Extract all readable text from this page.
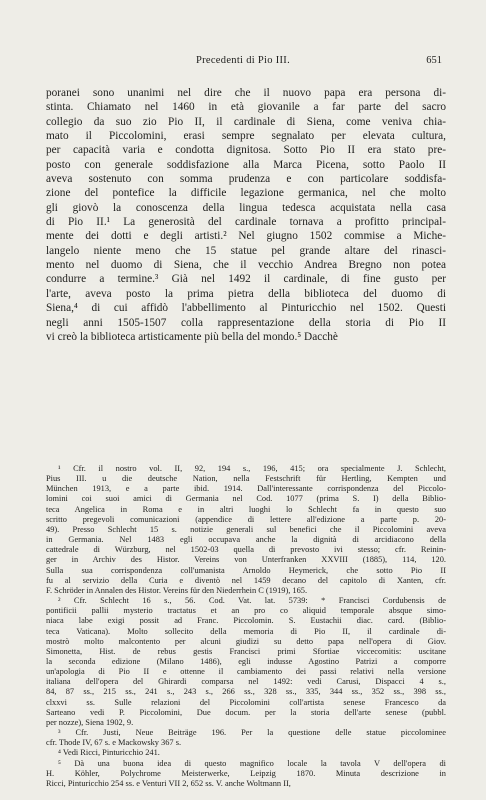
Precedenti di Pio III.	651
poranei sono unanimi nel dire che il nuovo papa era persona di-
stinta. Chiamato nel 1460 in età giovanile a far parte del sacro
collegio da suo zio Pio II, il cardinale di Siena, come veniva chia-
mato il Piccolomini, erasi sempre segnalato per elevata cultura,
per capacità varia e condotta dignitosa. Sotto Pio II era stato pre-
posto con generale soddisfazione alla Marca Picena, sotto Paolo II
aveva sostenuto con somma prudenza e con particolare soddisfa-
zione del pontefice la difficile legazione germanica, nel che molto
gli giovò la conoscenza della lingua tedesca acquistata nella casa
di Pio II.¹ La generosità del cardinale tornava a profitto principal-
mente dei dotti e degli artisti.² Nel giugno 1502 commise a Miche-
langelo niente meno che 15 statue pel grande altare del rinasci-
mento nel duomo di Siena, che il vecchio Andrea Bregno non potea
condurre a termine.³ Già nel 1492 il cardinale, di fine gusto per
l'arte, aveva posto la prima pietra della biblioteca del duomo di
Siena,⁴ di cui affidò l'abbellimento al Pinturicchio nel 1502. Questi
negli anni 1505-1507 colla rappresentazione della storia di Pio II
vi creò la biblioteca artisticamente più bella del mondo.⁵ Dacchè
¹ Cfr. il nostro vol. II, 92, 194 s., 196, 415; ora specialmente J. Schlecht,
Pius III. u die deutsche Nation, nella Festschrift für Hertling, Kempten und
München 1913, e a parte ibid. 1914. Dall'interessante corrispondenza del Piccolo-
lomini coi suoi amici di Germania nel Cod. 1077 (prima S. I) della Biblio-
teca Angelica in Roma e in altri luoghi lo Schlecht fa in questo suo
scritto pregevoli comunicazioni (appendice di lettere all'edizione a parte p. 20-
49). Presso Schlecht 15 s. notizie generali sul benefici che il Piccolomini aveva
in Germania. Nel 1483 egli occupava anche la dignità di arcidiacono della
cattedrale di Würzburg, nel 1502-03 quella di prevosto ivi stesso; cfr. Reinin-
ger in Archiv des Histor. Vereins von Unterfranken XXVIII (1885), 114, 120.
Sulla sua corrispondenza coll'umanista Arnoldo Heymerick, che sotto Pio II
fu al servizio della Curia e diventò nel 1459 decano del capitolo di Xanten, cfr.
F. Schröder in Annalen des Histor. Vereins für den Niederrhein C (1919), 165.
² Cfr. Schlecht 16 s., 56. Cod. Vat. lat. 5739: * Francisci Cordubensis de
pontificii pallii mysterio tractatus et an pro co aliquid temporale absque simo-
niaca labe exigi possit ad Franc. Piccolomin. S. Eustachii diac. card. (Biblio-
teca Vaticana). Molto sollecito della memoria di Pio II, il cardinale di-
mostrò molto malcontento per alcuni giudizi su detto papa nell'opera di Giov.
Simonetta, Hist. de rebus gestis Francisci primi Sfortiae viccecomitis: uscitane
la seconda edizione (Milano 1486), egli indusse Agostino Patrizi a comporre
un'apologia di Pio II e ottenne il cambiamento dei passi relativi nella versione
italiana dell'opera del Ghirardi comparsa nel 1492: vedi Carusi, Dispacci 4 s.,
84, 87 ss., 215 ss., 241 s., 243 s., 266 ss., 328 ss., 335, 344 ss., 352 ss., 398 ss.,
clxxvi ss. Sulle relazioni del Piccolomini coll'artista senese Francesco da
Sarteano vedi P. Piccolomini, Due docum. per la storia dell'arte senese (pubbl.
per nozze), Siena 1902, 9.
³ Cfr. Justi, Neue Beiträge 196. Per la questione delle statue piccolominee
cfr. Thode IV, 67 s. e Mackowsky 367 s.
⁴ Vedi Ricci, Pinturicchio 241.
⁵ Dà una buona idea di questo magnifico locale la tavola V dell'opera di
H. Köhler, Polychrome Meisterwerke, Leipzig 1870. Minuta descrizione in
Ricci, Pinturicchio 254 ss. e Venturi VII 2, 652 ss. V. anche Woltmann II,
